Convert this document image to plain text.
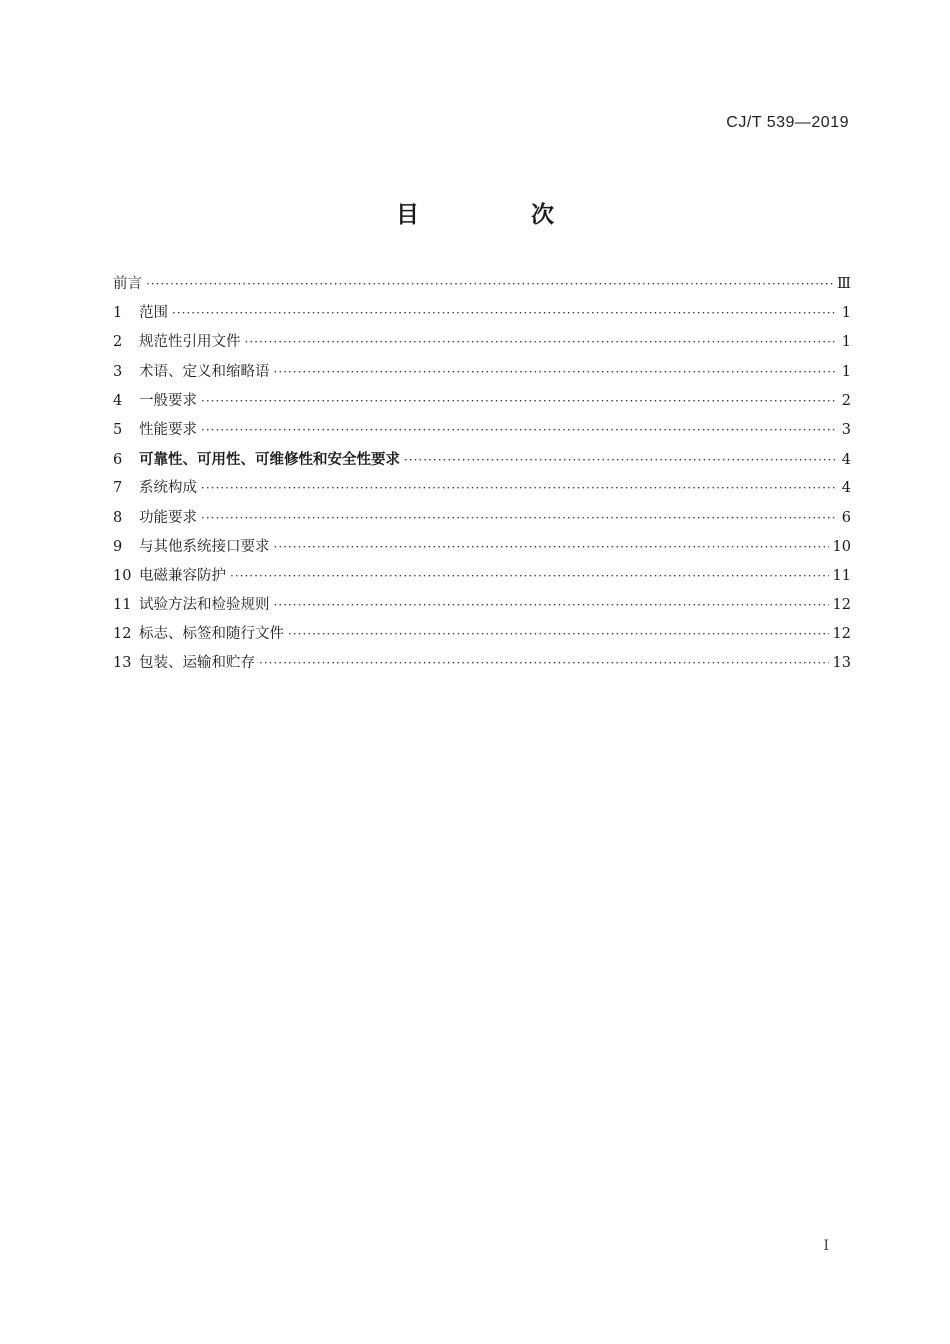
CJ/T 539—2019
目 次
前言 ·····	Ⅲ
1	范围 ·····	1
2	规范性引用文件 ·····	1
3	术语、定义和缩略语 ·····	1
4	一般要求 ·····	2
5	性能要求 ·····	3
6	可靠性、可用性、可维修性和安全性要求 ·····	4
7	系统构成 ·····	4
8	功能要求 ·····	6
9	与其他系统接口要求 ·····	10
10 电磁兼容防护 ·····	11
11 试验方法和检验规则 ·····	12
12 标志、标签和随行文件 ·····	12
13 包装、运输和贮存 ·····	13
I
